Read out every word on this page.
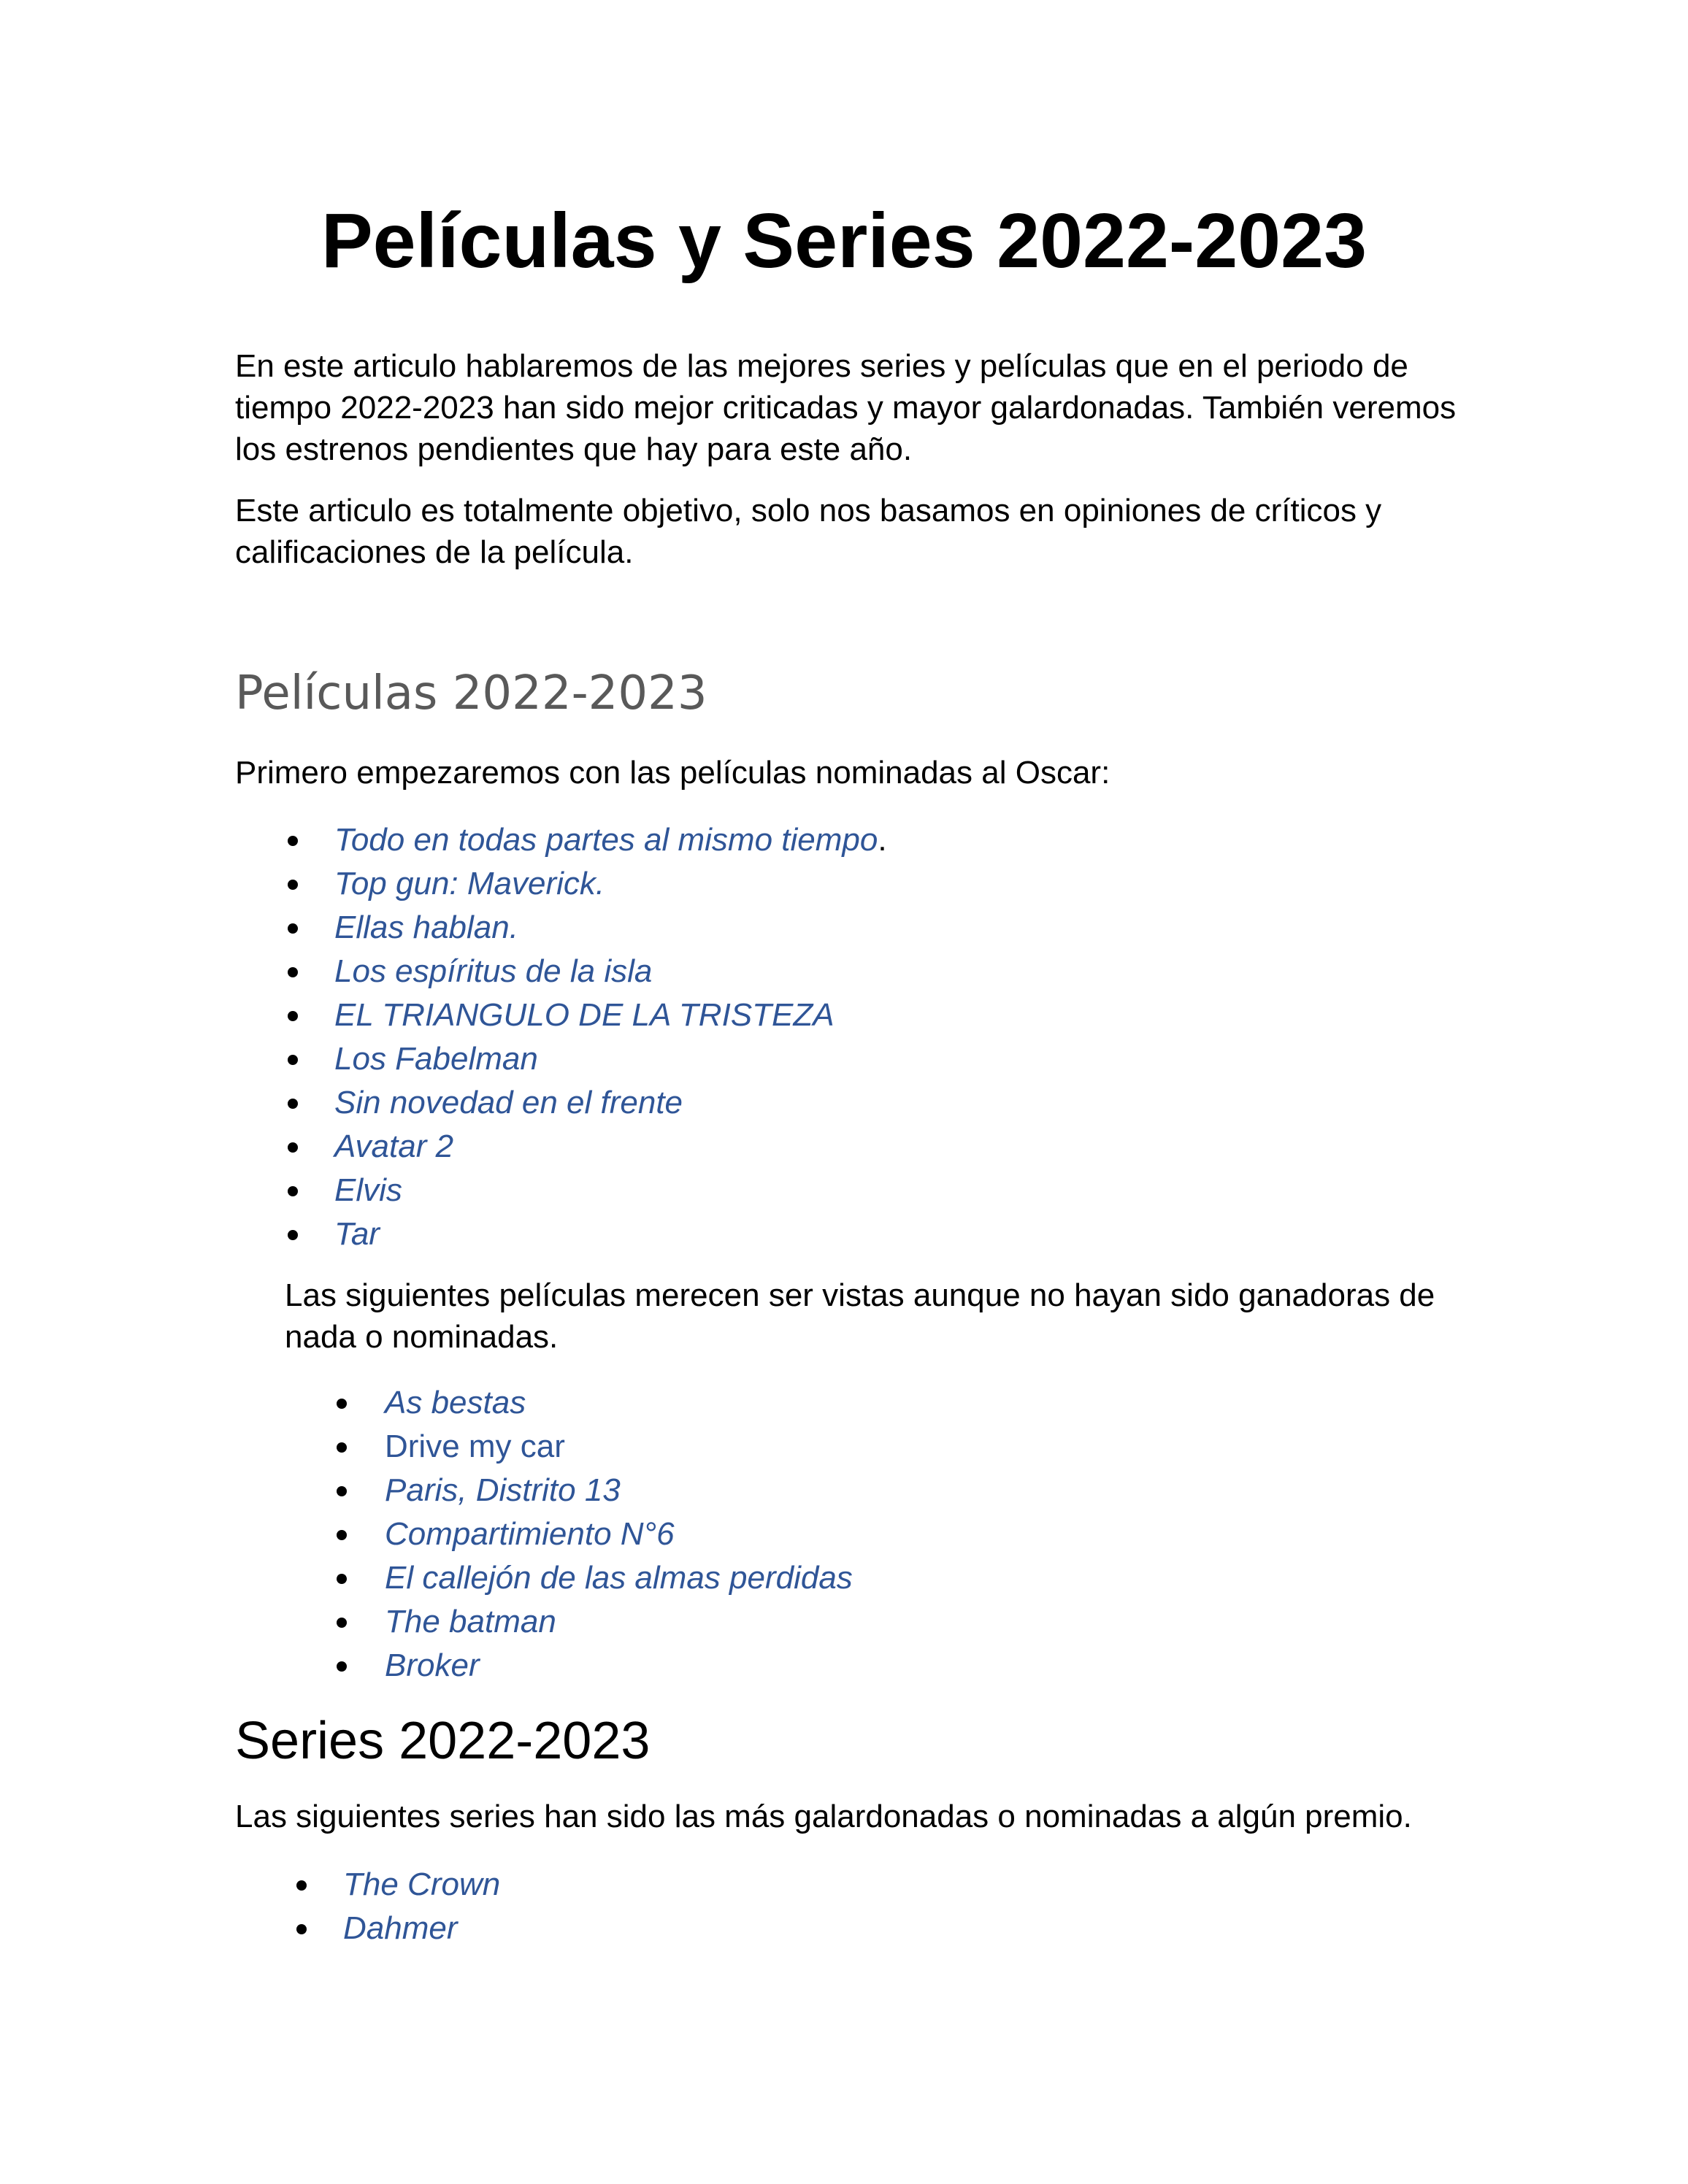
Películas y Series 2022-2023

En este articulo hablaremos de las mejores series y películas que en el periodo de tiempo 2022-2023 han sido mejor criticadas y mayor galardonadas. También veremos los estrenos pendientes que hay para este año.

Este articulo es totalmente objetivo, solo nos basamos en opiniones de críticos y calificaciones de la película.

Películas 2022-2023

Primero empezaremos con las películas nominadas al Oscar:

Todo en todas partes al mismo tiempo.
Top gun: Maverick.
Ellas hablan.
Los espíritus de la isla
EL TRIANGULO DE LA TRISTEZA
Los Fabelman
Sin novedad en el frente
Avatar 2
Elvis
Tar

Las siguientes películas merecen ser vistas aunque no hayan sido ganadoras de nada o nominadas.

As bestas
Drive my car
Paris, Distrito 13
Compartimiento N°6
El callejón de las almas perdidas
The batman
Broker
Series 2022-2023

Las siguientes series han sido las más galardonadas o nominadas a algún premio.

The Crown
Dahmer
